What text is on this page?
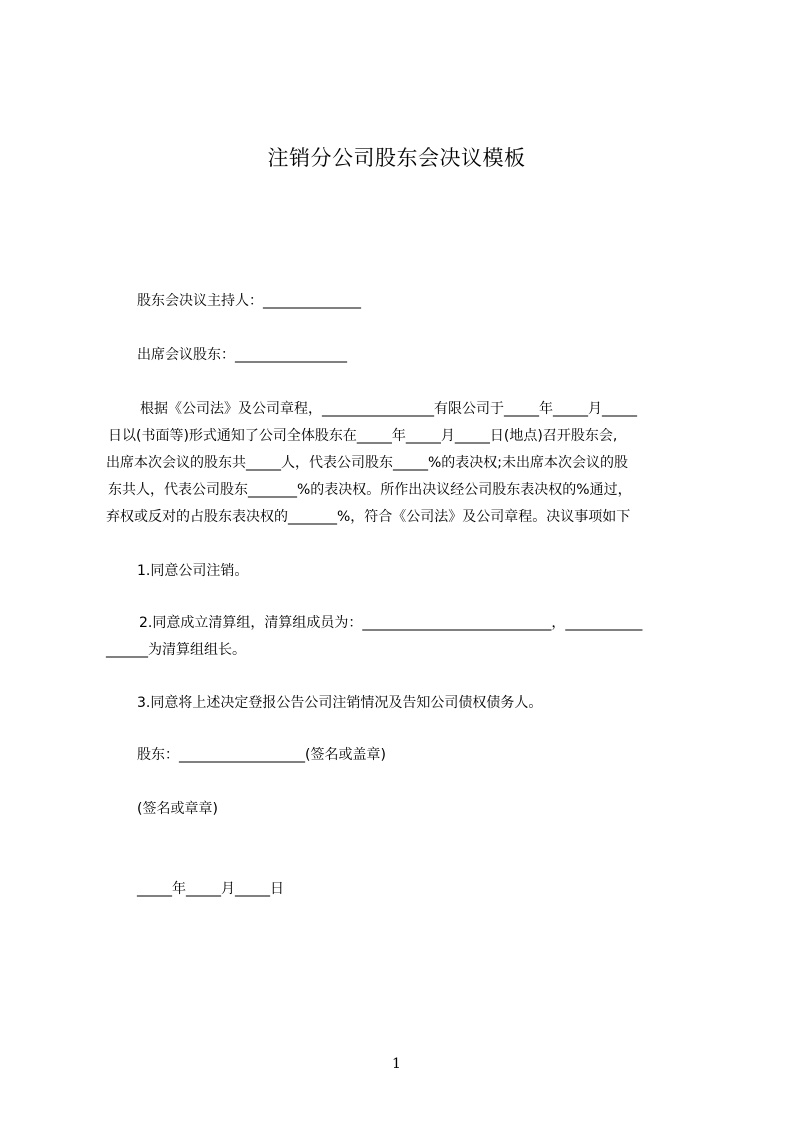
注销分公司股东会决议模板
股东会决议主持人：______________
出席会议股东：________________
根据《公司法》及公司章程，________________有限公司于_____年_____月_____
日以(书面等)形式通知了公司全体股东在_____年_____月_____日(地点)召开股东会,
出席本次会议的股东共_____人，代表公司股东_____%的表决权;未出席本次会议的股
东共人，代表公司股东_______%的表决权。所作出决议经公司股东表决权的%通过，
弃权或反对的占股东表决权的_______%，符合《公司法》及公司章程。决议事项如下
1.同意公司注销。
2.同意成立清算组，清算组成员为：___________________________，___________
______为清算组组长。
3.同意将上述决定登报公告公司注销情况及告知公司债权债务人。
股东：__________________(签名或盖章)
(签名或章章)
_____年_____月_____日
1
